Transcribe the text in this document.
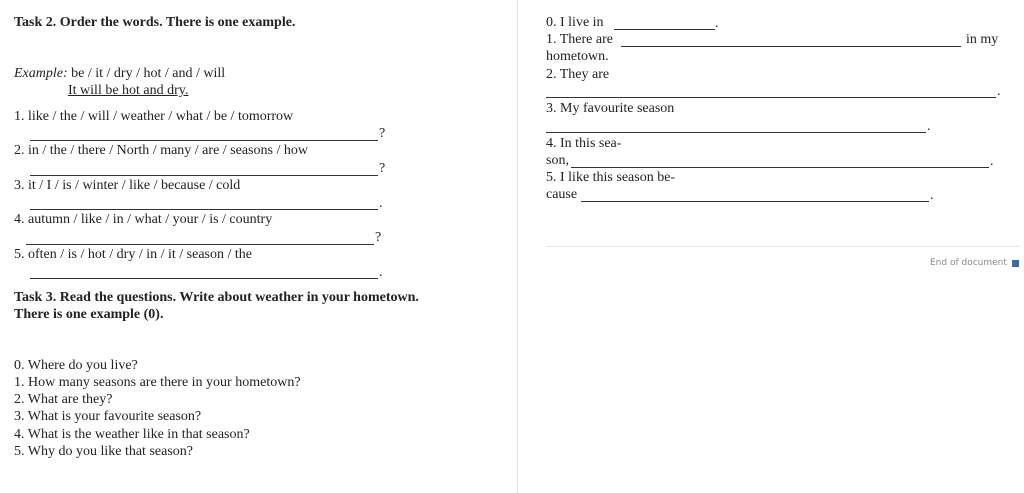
Task 2. Order the words. There is one example.
Example: be / it / dry / hot / and / will
It will be hot and dry.
1. like / the / will / weather / what / be / tomorrow
?
2. in / the / there / North / many / are / seasons / how
?
3. it / I / is / winter / like / because / cold
.
4. autumn / like / in / what / your / is / country
?
5. often / is / hot / dry / in / it / season / the
.
Task 3. Read the questions. Write about weather in your hometown.
There is one example (0).
0. Where do you live?
1. How many seasons are there in your hometown?
2. What are they?
3. What is your favourite season?
4. What is the weather like in that season?
5. Why do you like that season?
0. I live in	.
1. There are	in my
hometown.
2. They are
.
3. My favourite season
.
4. In this sea-
son,	.
5. I like this season be-
cause	.
End of document
